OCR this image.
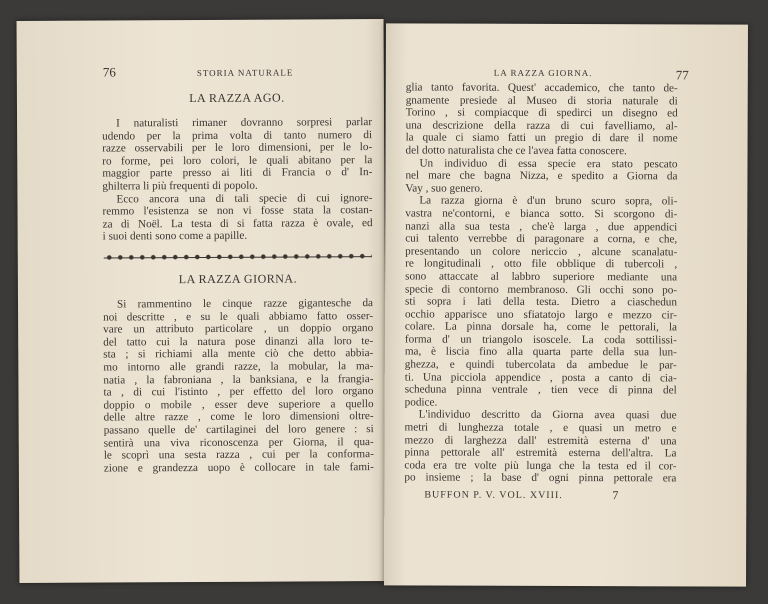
76	STORIA NATURALE
LA RAZZA AGO.
I naturalisti rimaner dovranno sorpresi parlar
udendo per la prima volta di tanto numero di
razze osservabili per le loro dimensioni, per le lo-
ro forme, pei loro colori, le quali abitano per la
maggior parte presso ai liti di Francia o d' In-
ghilterra li più frequenti di popolo.
Ecco ancora una di tali specie di cui ignore-
remmo l'esistenza se non vi fosse stata la costan-
za di Noël. La testa di si fatta razza è ovale, ed
i suoi denti sono come a papille.
LA RAZZA GIORNA.
Si rammentino le cinque razze gigantesche da
noi descritte , e su le quali abbiamo fatto osser-
vare un attributo particolare , un doppio organo
del tatto cui la natura pose dinanzi alla loro te-
sta ; si richiami alla mente ciò che detto abbia-
mo intorno alle grandi razze, la mobular, la ma-
natia , la fabroniana , la banksiana, e la frangia-
ta , di cui l'istinto , per effetto del loro organo
doppio o mobile , esser deve superiore a quello
delle altre razze , come le loro dimensioni oltre-
passano quelle de' cartilaginei del loro genere : si
sentirà una viva riconoscenza per Giorna, il qua-
le scoprì una sesta razza , cui per la conforma-
zione e grandezza uopo è collocare in tale fami-
LA RAZZA GIORNA.	77
glia tanto favorita. Quest' accademico, che tanto de-
gnamente presiede al Museo di storia naturale di
Torino , si compiacque di spedirci un disegno ed
una descrizione della razza di cui favelliamo, al-
la quale ci siamo fatti un pregio di dare il nome
del dotto naturalista che ce l'avea fatta conoscere.
Un individuo di essa specie era stato pescato
nel mare che bagna Nizza, e spedito a Giorna da
Vay , suo genero.
La razza giorna è d'un bruno scuro sopra, oli-
vastra ne'contorni, e bianca sotto. Si scorgono di-
nanzi alla sua testa , che'è larga , due appendici
cui talento verrebbe di paragonare a corna, e che,
presentando un colore nericcio , alcune scanalatu-
re longitudinali , otto file obblique di tubercoli ,
sono attaccate al labbro superiore mediante una
specie di contorno membranoso. Gli occhi sono po-
sti sopra i lati della testa. Dietro a ciaschedun
occhio apparisce uno sfiatatojo largo e mezzo cir-
colare. La pinna dorsale ha, come le pettorali, la
forma d' un triangolo isoscele. La coda sottilissi-
ma, è liscia fino alla quarta parte della sua lun-
ghezza, e quindi tubercolata da ambedue le par-
ti. Una picciola appendice , posta a canto di cia-
scheduna pinna ventrale , tien vece di pinna del
podice.
L'individuo descritto da Giorna avea quasi due
metri di lunghezza totale , e quasi un metro e
mezzo di larghezza dall' estremità esterna d' una
pinna pettorale all' estremità esterna dell'altra. La
coda era tre volte più lunga che la testa ed il cor-
po insieme ; la base d' ogni pinna pettorale era
BUFFON P. V. VOL. XVIII.	7
